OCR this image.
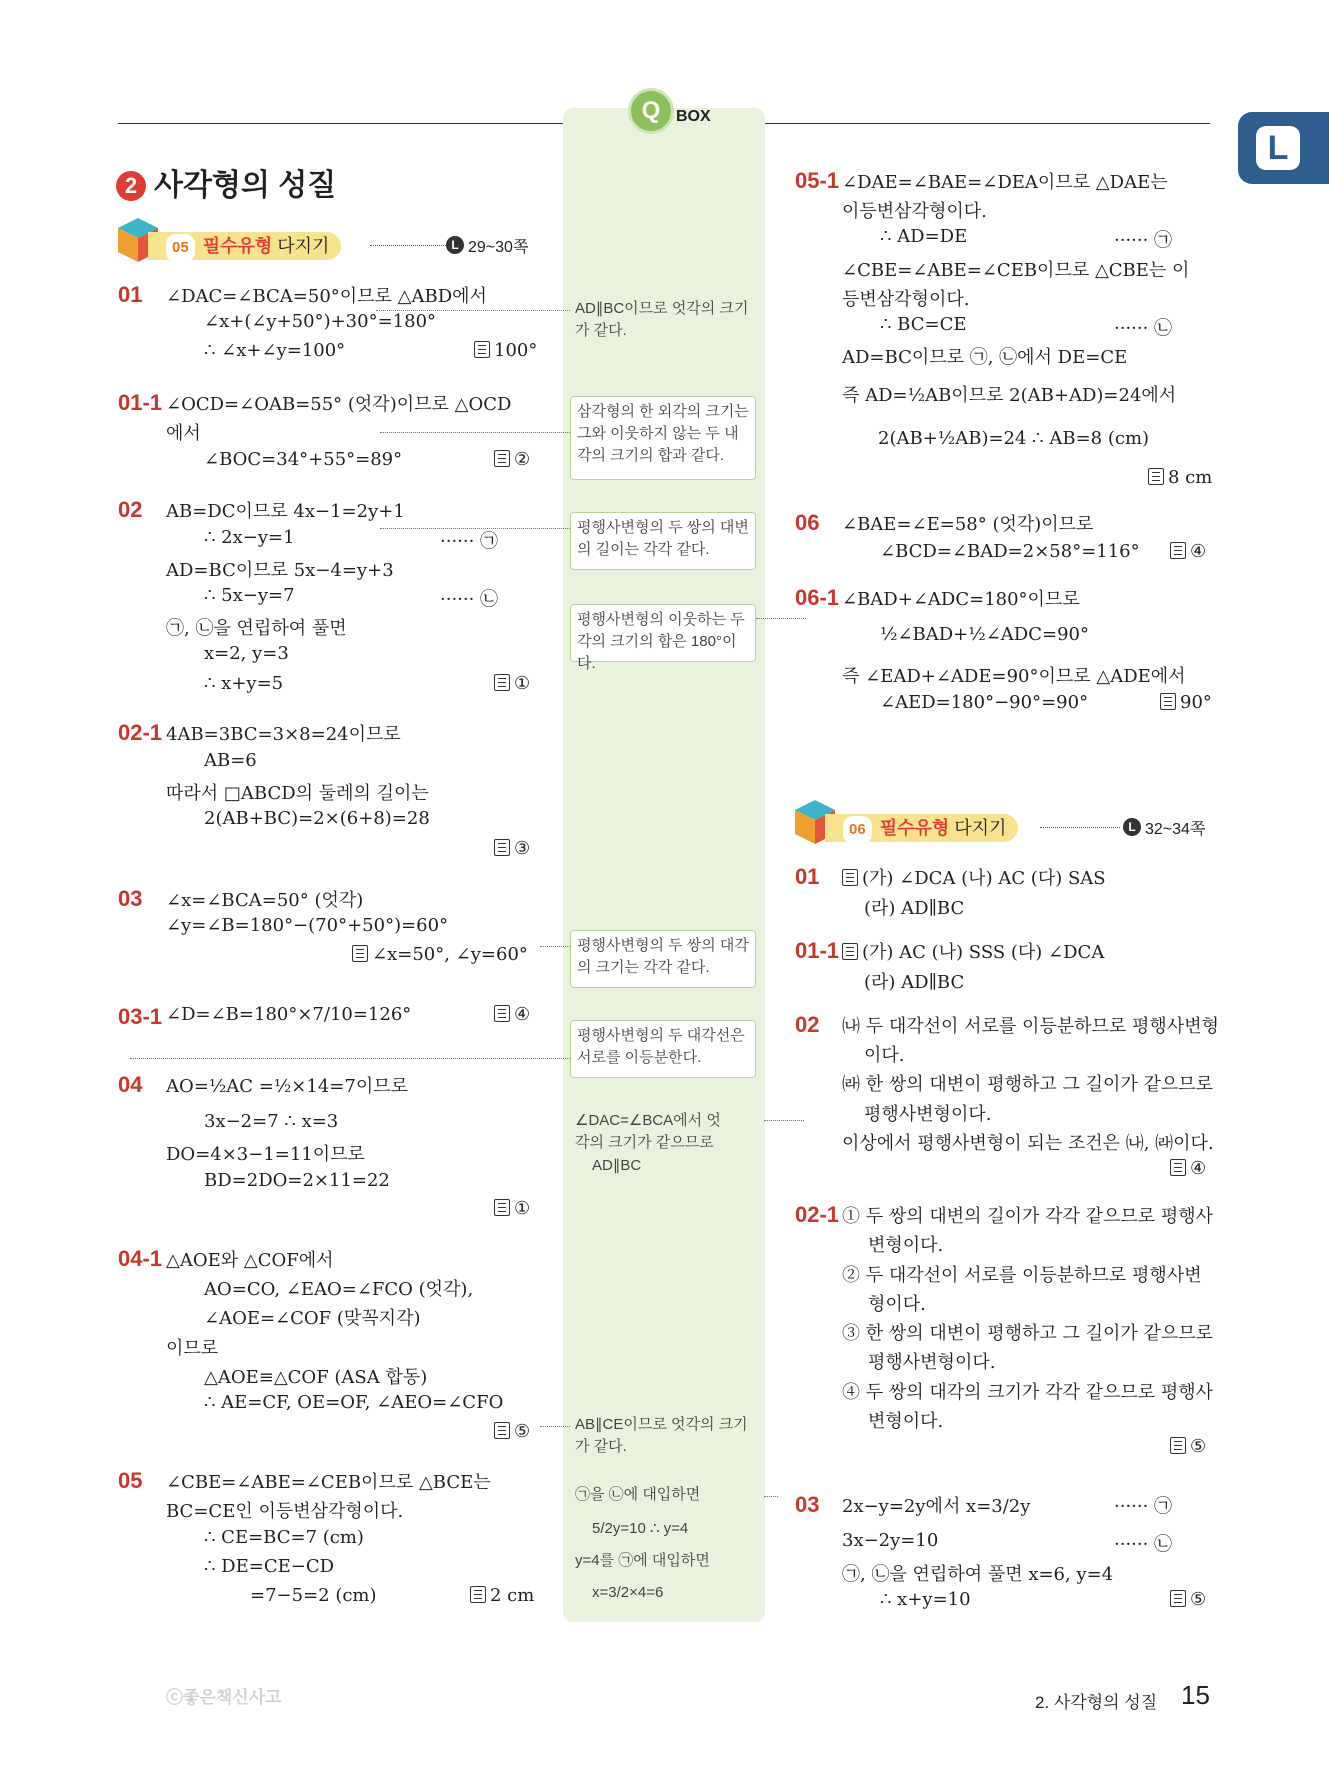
Q BOX
L
2 사각형의 성질
05 필수유형 다지기	L 29~30쪽
06 필수유형 다지기	L 32~34쪽
01 ∠DAC=∠BCA=50°이므로 △ABD에서
∠x+(∠y+50°)+30°=180°
∴ ∠x+∠y=100°	100°
01-1 ∠OCD=∠OAB=55° (엇각)이므로 △OCD
에서
∠BOC=34°+55°=89°	②
02 AB=DC이므로 4x−1=2y+1
∴ 2x−y=1	······ ㉠
AD=BC이므로 5x−4=y+3
∴ 5x−y=7	······ ㉡
㉠, ㉡을 연립하여 풀면
x=2, y=3
∴ x+y=5	①
02-1 4AB=3BC=3×8=24이므로
AB=6
따라서 □ABCD의 둘레의 길이는
2(AB+BC)=2×(6+8)=28
③
03 ∠x=∠BCA=50° (엇각)
∠y=∠B=180°−(70°+50°)=60°
∠x=50°, ∠y=60°
03-1 ∠D=∠B=180°×7/10=126°	④
04 AO=½AC =½×14=7이므로
3x−2=7 ∴ x=3
DO=4×3−1=11이므로
BD=2DO=2×11=22
①
04-1 △AOE와 △COF에서
AO=CO, ∠EAO=∠FCO (엇각),
∠AOE=∠COF (맞꼭지각)
이므로
△AOE≡△COF (ASA 합동)
∴ AE=CF, OE=OF, ∠AEO=∠CFO
⑤
05 ∠CBE=∠ABE=∠CEB이므로 △BCE는
BC=CE인 이등변삼각형이다.
∴ CE=BC=7 (cm)
∴ DE=CE−CD
=7−5=2 (cm)	2 cm
AD∥BC이므로 엇각의 크기가 같다.
삼각형의 한 외각의 크기는 그와 이웃하지 않는 두 내각의 크기의 합과 같다.
평행사변형의 두 쌍의 대변의 길이는 각각 같다.
평행사변형의 이웃하는 두 각의 크기의 합은 180°이다.
평행사변형의 두 쌍의 대각의 크기는 각각 같다.
평행사변형의 두 대각선은 서로를 이등분한다.
∠DAC=∠BCA에서 엇
각의 크기가 같으므로
AD∥BC
AB∥CE이므로 엇각의 크기가 같다.
㉠을 ㉡에 대입하면
5/2y=10 ∴ y=4
y=4를 ㉠에 대입하면
x=3/2×4=6
05-1 ∠DAE=∠BAE=∠DEA이므로 △DAE는
이등변삼각형이다.
∴ AD=DE	······ ㉠
∠CBE=∠ABE=∠CEB이므로 △CBE는 이
등변삼각형이다.
∴ BC=CE	······ ㉡
AD=BC이므로 ㉠, ㉡에서 DE=CE
즉 AD=½AB이므로 2(AB+AD)=24에서
2(AB+½AB)=24 ∴ AB=8 (cm)
8 cm
06 ∠BAE=∠E=58° (엇각)이므로
∠BCD=∠BAD=2×58°=116°	④
06-1 ∠BAD+∠ADC=180°이므로
½∠BAD+½∠ADC=90°
즉 ∠EAD+∠ADE=90°이므로 △ADE에서
∠AED=180°−90°=90°	90°
01	(가) ∠DCA (나) AC (다) SAS
(라) AD∥BC
01-1	(가) AC (나) SSS (다) ∠DCA
(라) AD∥BC
02 ㈏ 두 대각선이 서로를 이등분하므로 평행사변형
이다.
㈑ 한 쌍의 대변이 평행하고 그 길이가 같으므로
평행사변형이다.
이상에서 평행사변형이 되는 조건은 ㈏, ㈑이다.
④
02-1 ① 두 쌍의 대변의 길이가 각각 같으므로 평행사
변형이다.
② 두 대각선이 서로를 이등분하므로 평행사변
형이다.
③ 한 쌍의 대변이 평행하고 그 길이가 같으므로
평행사변형이다.
④ 두 쌍의 대각의 크기가 각각 같으므로 평행사
변형이다.
⑤
03 2x−y=2y에서 x=3/2y	······ ㉠
3x−2y=10	······ ㉡
㉠, ㉡을 연립하여 풀면 x=6, y=4
∴ x+y=10	⑤
ⓒ좋은책신사고	2. 사각형의 성질 15
